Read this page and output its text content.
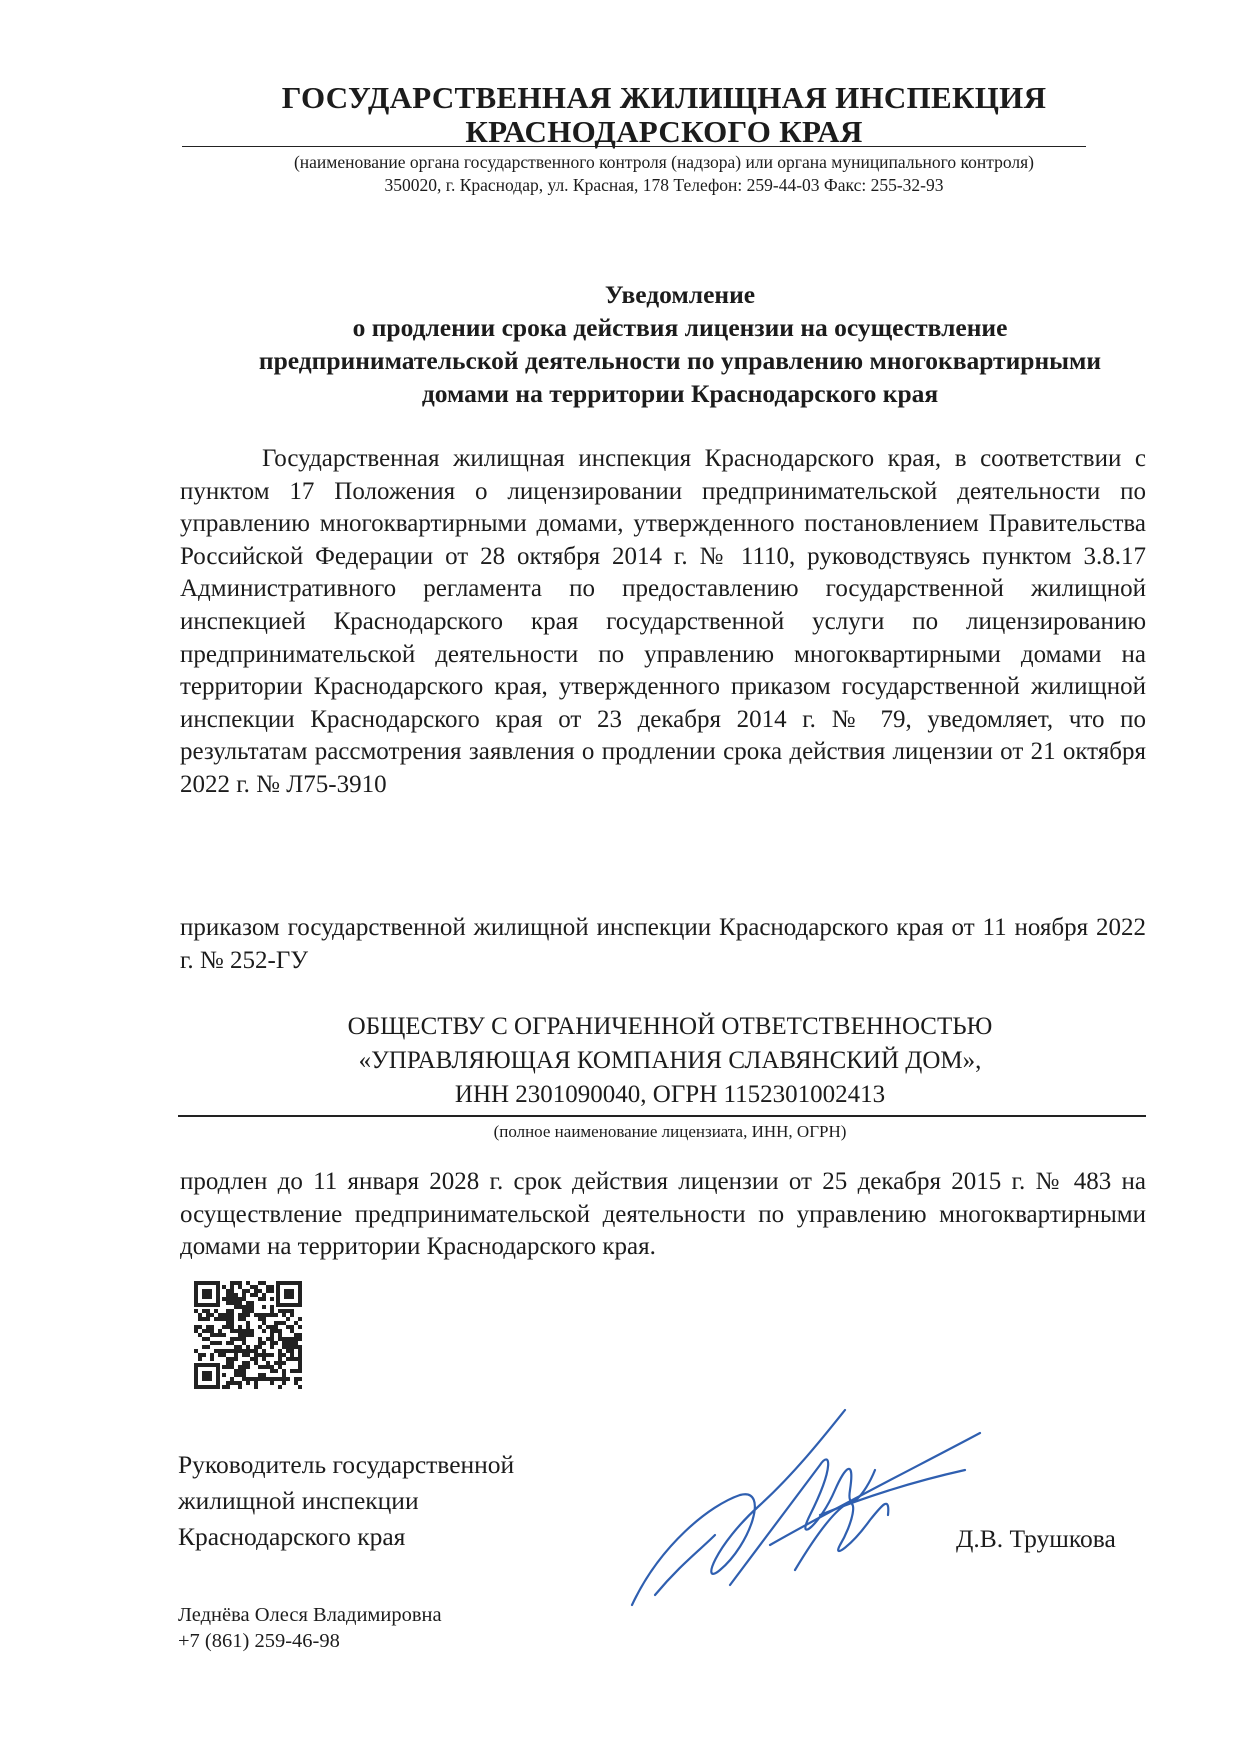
ГОСУДАРСТВЕННАЯ ЖИЛИЩНАЯ ИНСПЕКЦИЯ
КРАСНОДАРСКОГО КРАЯ
(наименование органа государственного контроля (надзора) или органа муниципального контроля)
350020, г. Краснодар, ул. Красная, 178 Телефон: 259-44-03 Факс: 255-32-93
Уведомление
о продлении срока действия лицензии на осуществление
предпринимательской деятельности по управлению многоквартирными
домами на территории Краснодарского края
Государственная жилищная инспекция Краснодарского края, в соответствии с пунктом 17 Положения о лицензировании предпринимательской деятельности по управлению многоквартирными домами, утвержденного постановлением Правительства Российской Федерации от 28 октября 2014 г. № 1110, руководствуясь пунктом 3.8.17 Административного регламента по предоставлению государственной жилищной инспекцией Краснодарского края государственной услуги по лицензированию предпринимательской деятельности по управлению многоквартирными домами на территории Краснодарского края, утвержденного приказом государственной жилищной инспекции Краснодарского края от 23 декабря 2014 г. № 79, уведомляет, что по результатам рассмотрения заявления о продлении срока действия лицензии от 21 октября 2022 г. № Л75-3910
приказом государственной жилищной инспекции Краснодарского края от 11 ноября 2022 г. № 252-ГУ
ОБЩЕСТВУ С ОГРАНИЧЕННОЙ ОТВЕТСТВЕННОСТЬЮ
«УПРАВЛЯЮЩАЯ КОМПАНИЯ СЛАВЯНСКИЙ ДОМ»,
ИНН 2301090040, ОГРН 1152301002413
(полное наименование лицензиата, ИНН, ОГРН)
продлен до 11 января 2028 г. срок действия лицензии от 25 декабря 2015 г. № 483 на осуществление предпринимательской деятельности по управлению многоквартирными домами на территории Краснодарского края.
Руководитель государственной
жилищной инспекции
Краснодарского края	Д.В. Трушкова
Леднёва Олеся Владимировна
+7 (861) 259-46-98
